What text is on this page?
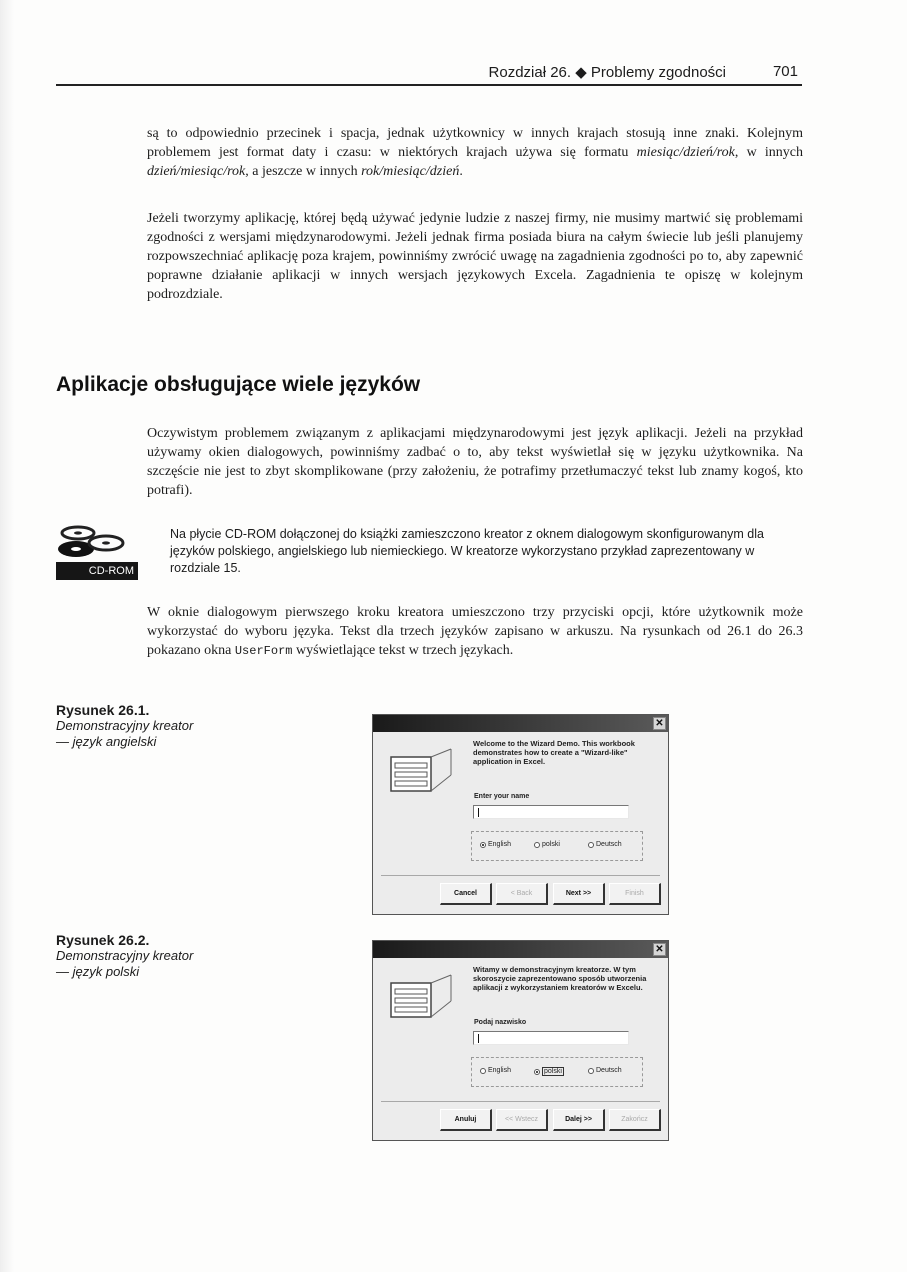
Rozdział 26. ◆ Problemy zgodności	701

są to odpowiednio przecinek i spacja, jednak użytkownicy w innych krajach stosują inne znaki. Kolejnym problemem jest format daty i czasu: w niektórych krajach używa się formatu miesiąc/dzień/rok, w innych dzień/miesiąc/rok, a jeszcze w innych rok/miesiąc/dzień.

Jeżeli tworzymy aplikację, której będą używać jedynie ludzie z naszej firmy, nie musimy martwić się problemami zgodności z wersjami międzynarodowymi. Jeżeli jednak firma posiada biura na całym świecie lub jeśli planujemy rozpowszechniać aplikację poza krajem, powinniśmy zwrócić uwagę na zagadnienia zgodności po to, aby zapewnić poprawne działanie aplikacji w innych wersjach językowych Excela. Zagadnienia te opiszę w kolejnym podrozdziale.

Aplikacje obsługujące wiele języków

Oczywistym problemem związanym z aplikacjami międzynarodowymi jest język aplikacji. Jeżeli na przykład używamy okien dialogowych, powinniśmy zadbać o to, aby tekst wyświetlał się w języku użytkownika. Na szczęście nie jest to zbyt skomplikowane (przy założeniu, że potrafimy przetłumaczyć tekst lub znamy kogoś, kto potrafi).

CD-ROM

Na płycie CD-ROM dołączonej do książki zamieszczono kreator z oknem dialogowym skonfigurowanym dla języków polskiego, angielskiego lub niemieckiego. W kreatorze wykorzystano przykład zaprezentowany w rozdziale 15.

W oknie dialogowym pierwszego kroku kreatora umieszczono trzy przyciski opcji, które użytkownik może wykorzystać do wyboru języka. Tekst dla trzech języków zapisano w arkuszu. Na rysunkach od 26.1 do 26.3 pokazano okna UserForm wyświetlające tekst w trzech językach.

Rysunek 26.1.
Demonstracyjny kreator
— język angielski
✕
Welcome to the Wizard Demo. This workbook demonstrates how to create a "Wizard-like" application in Excel.
Enter your name
English	polski	Deutsch
Cancel	< Back	Next >>	Finish
Rysunek 26.2.
Demonstracyjny kreator
— język polski
✕
Witamy w demonstracyjnym kreatorze. W tym skoroszycie zaprezentowano sposób utworzenia aplikacji z wykorzystaniem kreatorów w Excelu.
Podaj nazwisko
English	polski	Deutsch
Anuluj	<< Wstecz	Dalej >>	Zakończ
